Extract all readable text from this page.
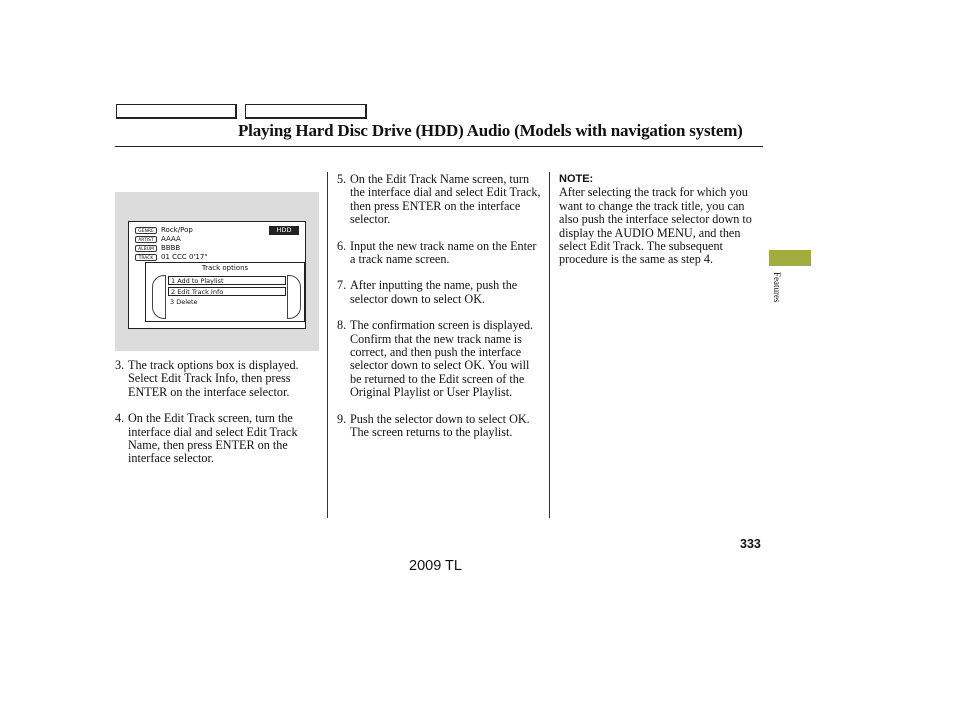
Playing Hard Disc Drive (HDD) Audio (Models with navigation system)
GENRE Rock/Pop
ARTIST AAAA
ALBUM BBBB
TRACK 01 CCC 0'17"
HDD
Track options
1 Add to Playlist
2 Edit Track Info
3 Delete
3. The track options box is displayed. Select Edit Track Info, then press ENTER on the interface selector.
4. On the Edit Track screen, turn the interface dial and select Edit Track Name, then press ENTER on the interface selector.
5. On the Edit Track Name screen, turn the interface dial and select Edit Track, then press ENTER on the interface selector.
6. Input the new track name on the Enter a track name screen.
7. After inputting the name, push the selector down to select OK.
8. The confirmation screen is displayed. Confirm that the new track name is correct, and then push the interface selector down to select OK. You will be returned to the Edit screen of the Original Playlist or User Playlist.
9. Push the selector down to select OK. The screen returns to the playlist.
NOTE:
After selecting the track for which you want to change the track title, you can also push the interface selector down to display the AUDIO MENU, and then select Edit Track. The subsequent procedure is the same as step 4.
Features
333
2009 TL
